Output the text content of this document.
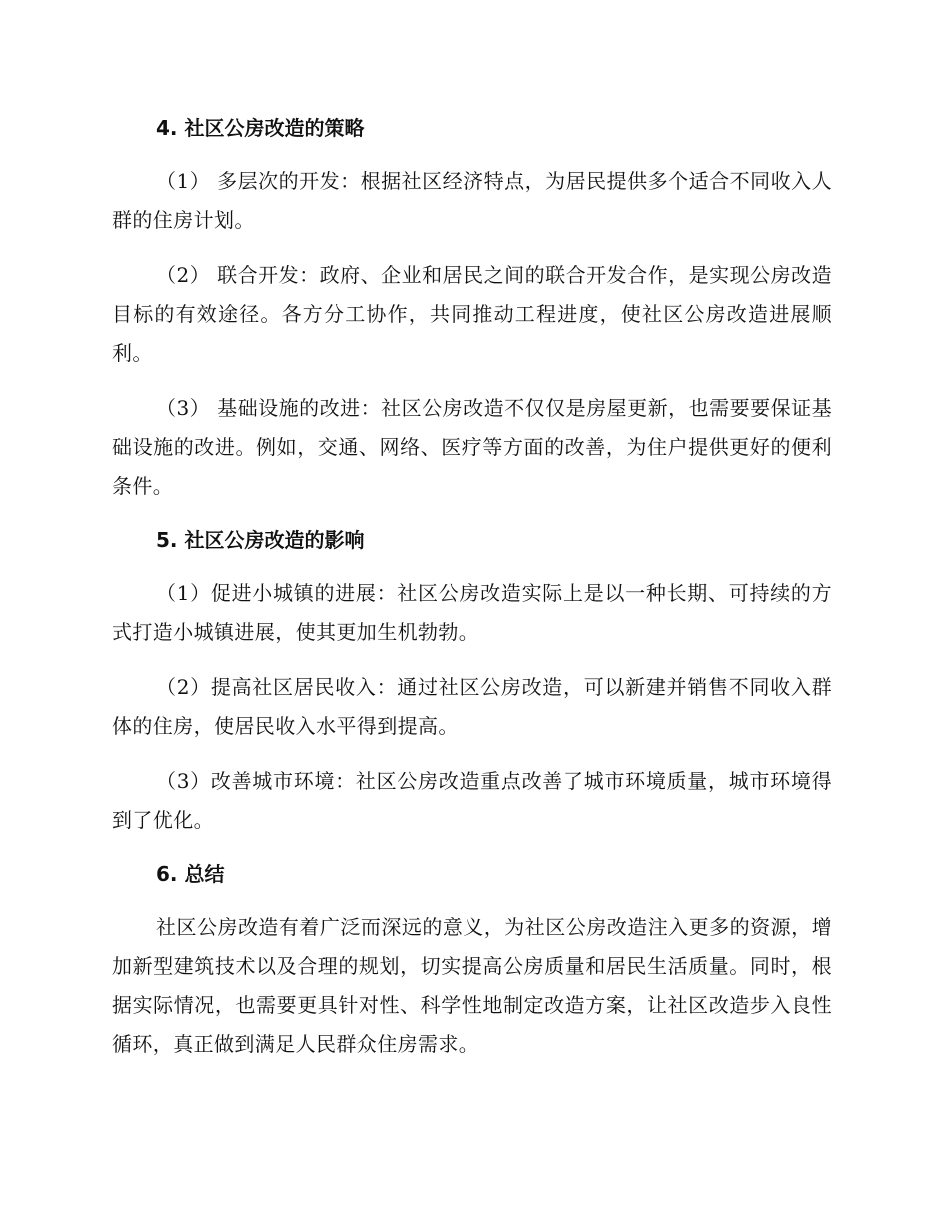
4. 社区公房改造的策略

（1） 多层次的开发：根据社区经济特点，为居民提供多个适合不同收入人群的住房计划。

（2） 联合开发：政府、企业和居民之间的联合开发合作，是实现公房改造目标的有效途径。各方分工协作，共同推动工程进度，使社区公房改造进展顺利。

（3） 基础设施的改进：社区公房改造不仅仅是房屋更新，也需要要保证基础设施的改进。例如，交通、网络、医疗等方面的改善，为住户提供更好的便利条件。

5. 社区公房改造的影响

（1）促进小城镇的进展：社区公房改造实际上是以一种长期、可持续的方式打造小城镇进展，使其更加生机勃勃。

（2）提高社区居民收入：通过社区公房改造，可以新建并销售不同收入群体的住房，使居民收入水平得到提高。

（3）改善城市环境：社区公房改造重点改善了城市环境质量，城市环境得到了优化。

6. 总结

社区公房改造有着广泛而深远的意义，为社区公房改造注入更多的资源，增加新型建筑技术以及合理的规划，切实提高公房质量和居民生活质量。同时，根据实际情况，也需要更具针对性、科学性地制定改造方案，让社区改造步入良性循环，真正做到满足人民群众住房需求。
